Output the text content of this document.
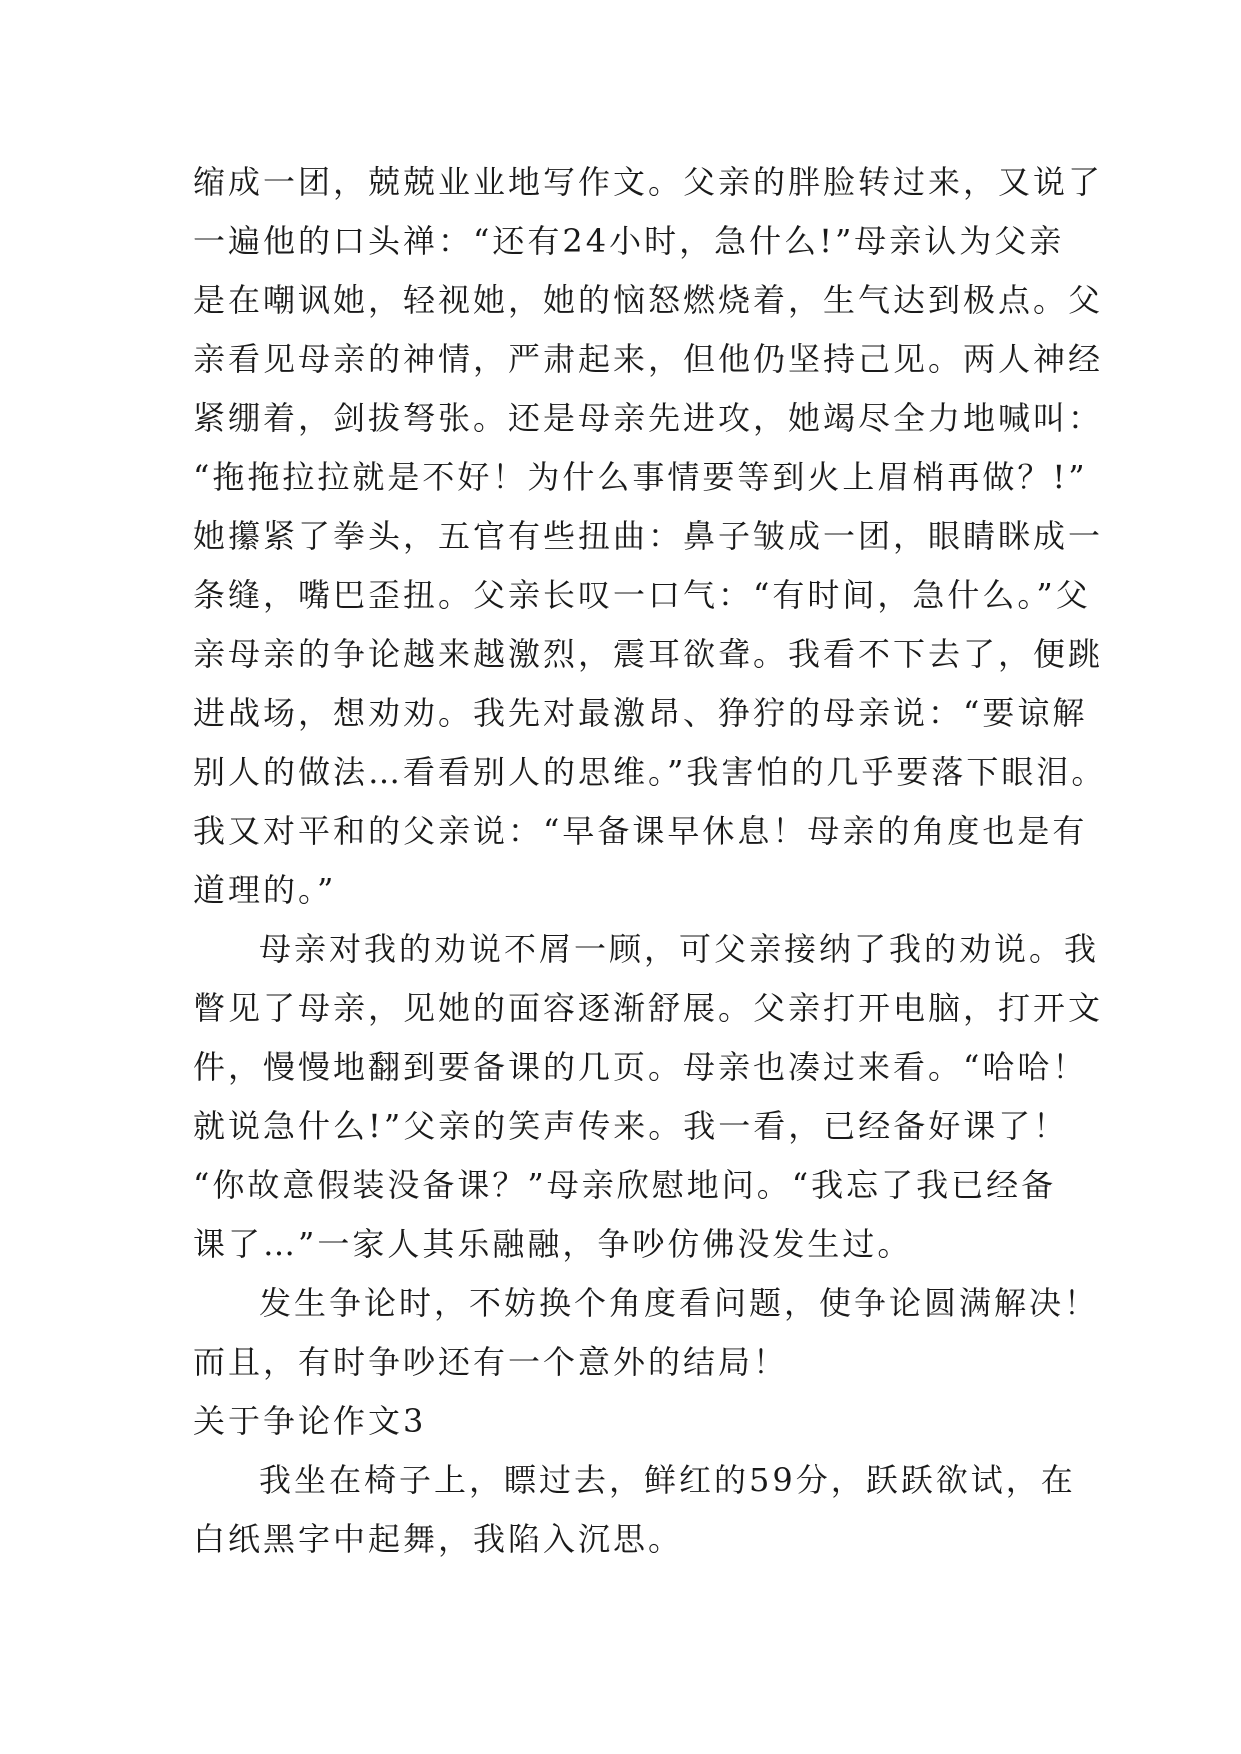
缩成一团，兢兢业业地写作文。父亲的胖脸转过来，又说了
一遍他的口头禅：“还有24小时，急什么!”母亲认为父亲
是在嘲讽她，轻视她，她的恼怒燃烧着，生气达到极点。父
亲看见母亲的神情，严肃起来，但他仍坚持己见。两人神经
紧绷着，剑拔弩张。还是母亲先进攻，她竭尽全力地喊叫：
“拖拖拉拉就是不好！为什么事情要等到火上眉梢再做？!”
她攥紧了拳头，五官有些扭曲：鼻子皱成一团，眼睛眯成一
条缝，嘴巴歪扭。父亲长叹一口气：“有时间，急什么。”父
亲母亲的争论越来越激烈，震耳欲聋。我看不下去了，便跳
进战场，想劝劝。我先对最激昂、狰狞的母亲说：“要谅解
别人的做法…看看别人的思维。”我害怕的几乎要落下眼泪。
我又对平和的父亲说：“早备课早休息！母亲的角度也是有
道理的。”
母亲对我的劝说不屑一顾，可父亲接纳了我的劝说。我
瞥见了母亲，见她的面容逐渐舒展。父亲打开电脑，打开文
件，慢慢地翻到要备课的几页。母亲也凑过来看。“哈哈！
就说急什么!”父亲的笑声传来。我一看，已经备好课了！
“你故意假装没备课？”母亲欣慰地问。“我忘了我已经备
课了…”一家人其乐融融，争吵仿佛没发生过。
发生争论时，不妨换个角度看问题，使争论圆满解决！
而且，有时争吵还有一个意外的结局！
关于争论作文3
我坐在椅子上，瞟过去，鲜红的59分，跃跃欲试，在
白纸黑字中起舞，我陷入沉思。
